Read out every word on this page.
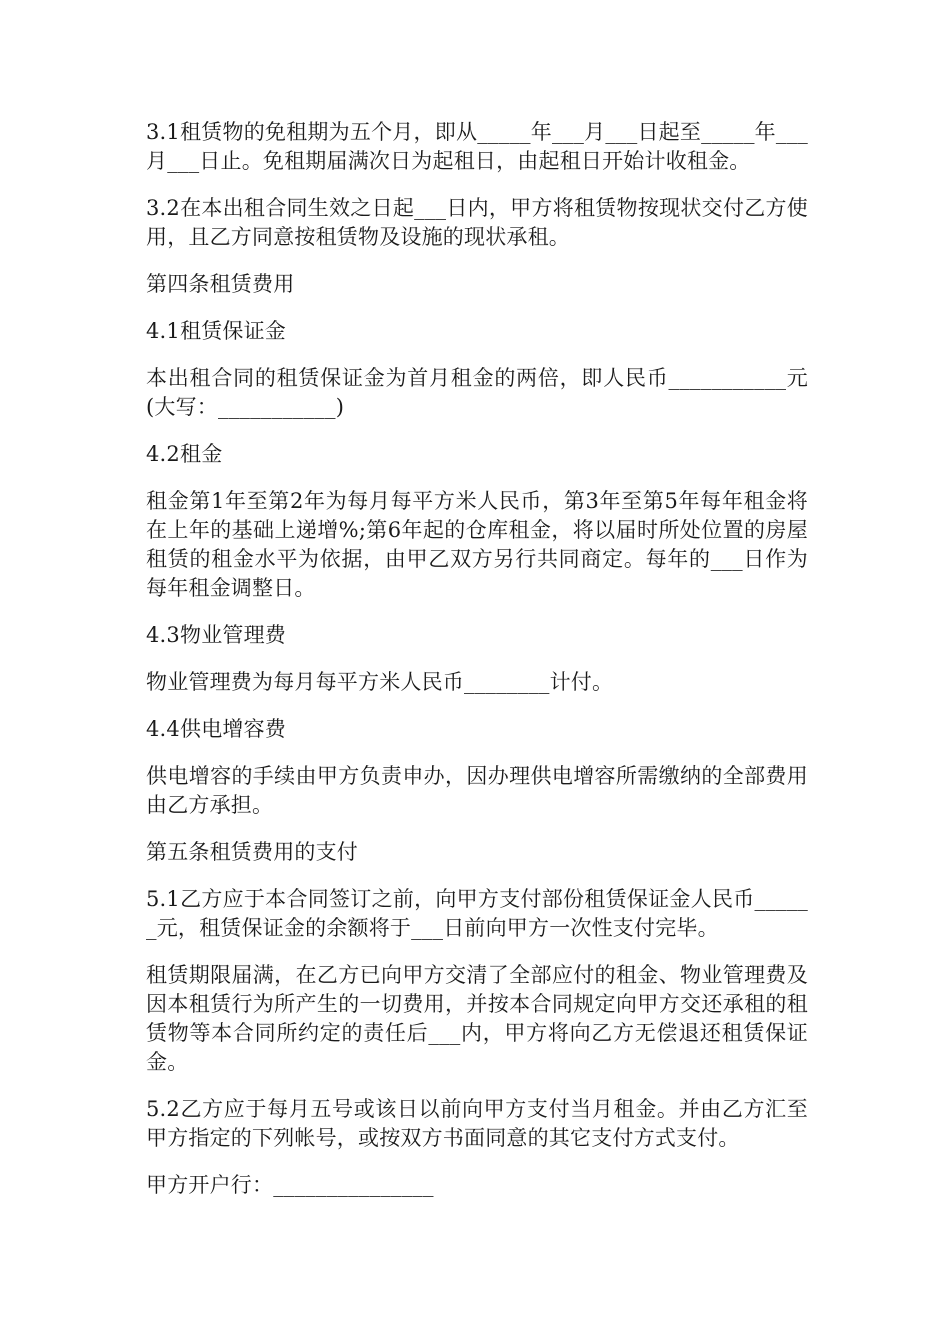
3.1租赁物的免租期为五个月，即从_____年___月___日起至_____年___月___日止。免租期届满次日为起租日，由起租日开始计收租金。

3.2在本出租合同生效之日起___日内，甲方将租赁物按现状交付乙方使用，且乙方同意按租赁物及设施的现状承租。

第四条租赁费用

4.1租赁保证金

本出租合同的租赁保证金为首月租金的两倍，即人民币___________元(大写：___________)

4.2租金

租金第1年至第2年为每月每平方米人民币，第3年至第5年每年租金将在上年的基础上递增%;第6年起的仓库租金，将以届时所处位置的房屋租赁的租金水平为依据，由甲乙双方另行共同商定。每年的___日作为每年租金调整日。

4.3物业管理费

物业管理费为每月每平方米人民币________计付。

4.4供电增容费

供电增容的手续由甲方负责申办，因办理供电增容所需缴纳的全部费用由乙方承担。

第五条租赁费用的支付

5.1乙方应于本合同签订之前，向甲方支付部份租赁保证金人民币______元，租赁保证金的余额将于___日前向甲方一次性支付完毕。

租赁期限届满，在乙方已向甲方交清了全部应付的租金、物业管理费及因本租赁行为所产生的一切费用，并按本合同规定向甲方交还承租的租赁物等本合同所约定的责任后___内，甲方将向乙方无偿退还租赁保证金。

5.2乙方应于每月五号或该日以前向甲方支付当月租金。并由乙方汇至甲方指定的下列帐号，或按双方书面同意的其它支付方式支付。

甲方开户行：_______________
